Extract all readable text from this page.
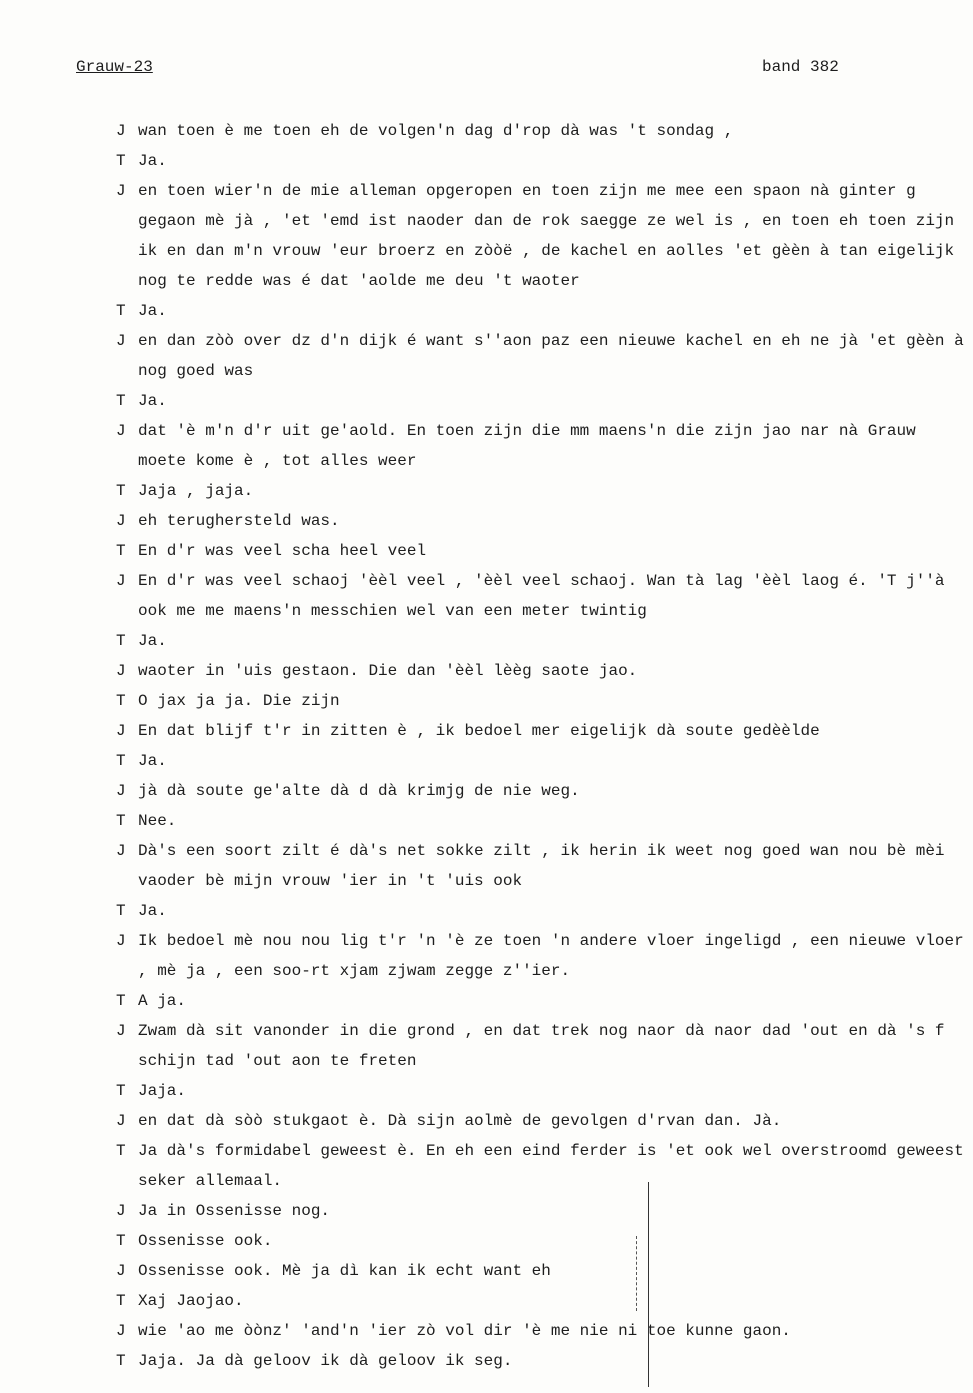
Grauw-23	band 382
J wan toen è me toen eh de volgen'n dag d'rop dà was 't sondag ,
T Ja.
J en toen wier'n de mie alleman opgeropen en toen zijn me mee een spaon nà ginter g gegaon mè jà , 'et 'emd ist naoder dan de rok saegge ze wel is , en toen eh toen zijn ik en dan m'n vrouw 'eur broerz en zòòë , de kachel en aolles 'et gèèn à tan eigelijk nog te redde was é dat 'aolde me deu 't waoter
T Ja.
J en dan zòò over dz d'n dijk é want s''aon paz een nieuwe kachel en eh ne jà 'et gèèn à nog goed was
T Ja.
J dat 'è m'n d'r uit ge'aold. En toen zijn die mm maens'n die zijn jao nar nà Grauw moete kome è , tot alles weer
T Jaja , jaja.
J eh terughersteld was.
T En d'r was veel scha heel veel
J En d'r was veel schaoj 'èèl veel , 'èèl veel schaoj. Wan tà lag 'èèl laog é. 'T j''à ook me me maens'n messchien wel van een meter twintig
T Ja.
J waoter in 'uis gestaon. Die dan 'èèl lèèg saote jao.
T O jax ja ja. Die zijn
J En dat blijf t'r in zitten è , ik bedoel mer eigelijk dà soute gedèèlde
T Ja.
J jà dà soute ge'alte dà d dà krimjg de nie weg.
T Nee.
J Dà's een soort zilt é dà's net sokke zilt , ik herin ik weet nog goed wan nou bè mèi vaoder bè mijn vrouw 'ier in 't 'uis ook
T Ja.
J Ik bedoel mè nou nou lig t'r 'n 'è ze toen 'n andere vloer ingeligd , een nieuwe vloer , mè ja , een soo-rt xjam zjwam zegge z''ier.
T A ja.
J Zwam dà sit vanonder in die grond , en dat trek nog naor dà naor dad 'out en dà 's f schijn tad 'out aon te freten
T Jaja.
J en dat dà sòò stukgaot è. Dà sijn aolmè de gevolgen d'rvan dan. Jà.
T Ja dà's formidabel geweest è. En eh een eind ferder is 'et ook wel overstroomd geweest seker allemaal.
J Ja in Ossenisse nog.
T Ossenisse ook.
J Ossenisse ook. Mè ja dì kan ik echt want eh
T Xaj Jaojao.
J wie 'ao me òònz' 'and'n 'ier zò vol dir 'è me nie ni toe kunne gaon.
T Jaja. Ja dà geloov ik dà geloov ik seg.
